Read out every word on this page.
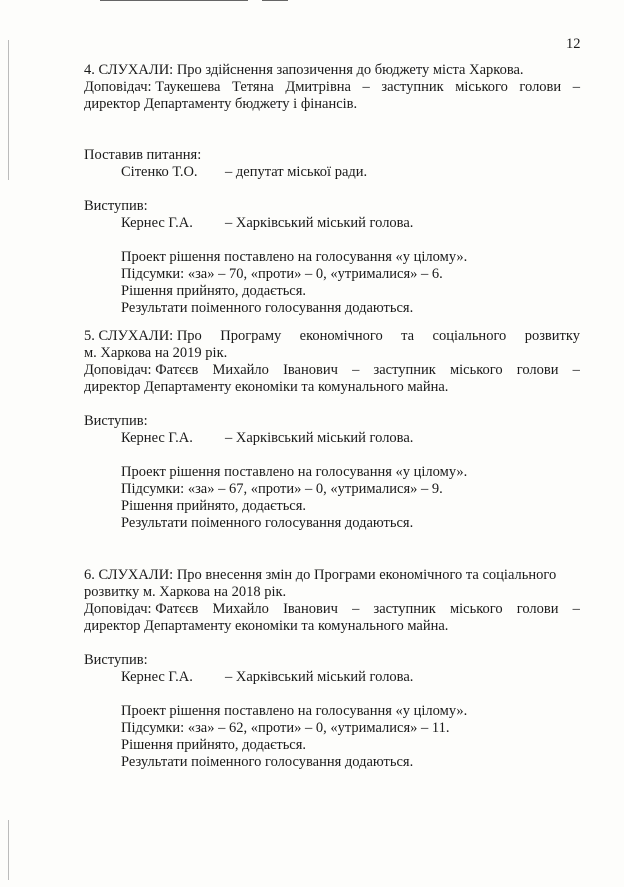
12
4. СЛУХАЛИ: Про здійснення запозичення до бюджету міста Харкова.
Доповідач: Таукешева Тетяна Дмитрівна – заступник міського голови –
директор Департаменту бюджету і фінансів.
Поставив питання:
Сітенко Т.О. – депутат міської ради.
Виступив:
Кернес Г.А. – Харківський міський голова.
Проект рішення поставлено на голосування «у цілому».
Підсумки: «за» – 70, «проти» – 0, «утрималися» – 6.
Рішення прийнято, додається.
Результати поіменного голосування додаються.
5. СЛУХАЛИ: Про Програму економічного та соціального розвитку
м. Харкова на 2019 рік.
Доповідач: Фатєєв Михайло Іванович – заступник міського голови –
директор Департаменту економіки та комунального майна.
Виступив:
Кернес Г.А. – Харківський міський голова.
Проект рішення поставлено на голосування «у цілому».
Підсумки: «за» – 67, «проти» – 0, «утрималися» – 9.
Рішення прийнято, додається.
Результати поіменного голосування додаються.
6. СЛУХАЛИ: Про внесення змін до Програми економічного та соціального
розвитку м. Харкова на 2018 рік.
Доповідач: Фатєєв Михайло Іванович – заступник міського голови –
директор Департаменту економіки та комунального майна.
Виступив:
Кернес Г.А. – Харківський міський голова.
Проект рішення поставлено на голосування «у цілому».
Підсумки: «за» – 62, «проти» – 0, «утрималися» – 11.
Рішення прийнято, додається.
Результати поіменного голосування додаються.
